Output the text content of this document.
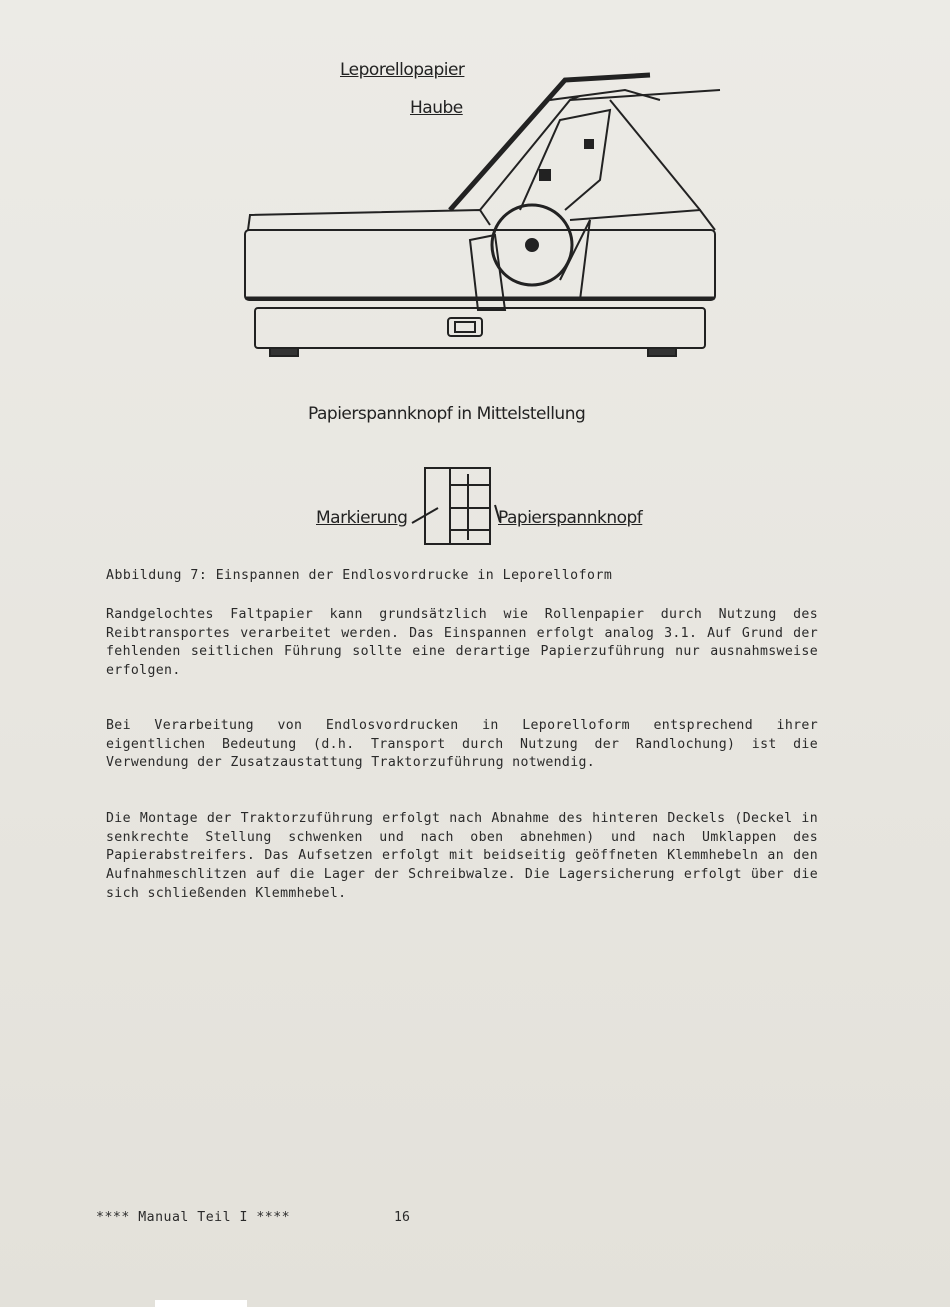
Leporellopapier
Haube
Papierspannknopf in Mittelstellung
Markierung	Papierspannknopf
Abbildung 7: Einspannen der Endlosvordrucke in Leporelloform
Randgelochtes Faltpapier kann grundsätzlich wie Rollenpapier durch Nutzung des Reibtransportes verarbeitet werden. Das Einspannen erfolgt analog 3.1. Auf Grund der fehlenden seitlichen Führung sollte eine derartige Papierzuführung nur ausnahmsweise erfolgen.
Bei Verarbeitung von Endlosvordrucken in Leporelloform entsprechend ihrer eigentlichen Bedeutung (d.h. Transport durch Nutzung der Randlochung) ist die Verwendung der Zusatzaustattung Traktorzuführung notwendig.
Die Montage der Traktorzuführung erfolgt nach Abnahme des hinteren Deckels (Deckel in senkrechte Stellung schwenken und nach oben abnehmen) und nach Umklappen des Papierabstreifers. Das Aufsetzen erfolgt mit beidseitig geöffneten Klemmhebeln an den Aufnahmeschlitzen auf die Lager der Schreibwalze. Die Lagersicherung erfolgt über die sich schließenden Klemmhebel.
**** Manual Teil I ****	16
